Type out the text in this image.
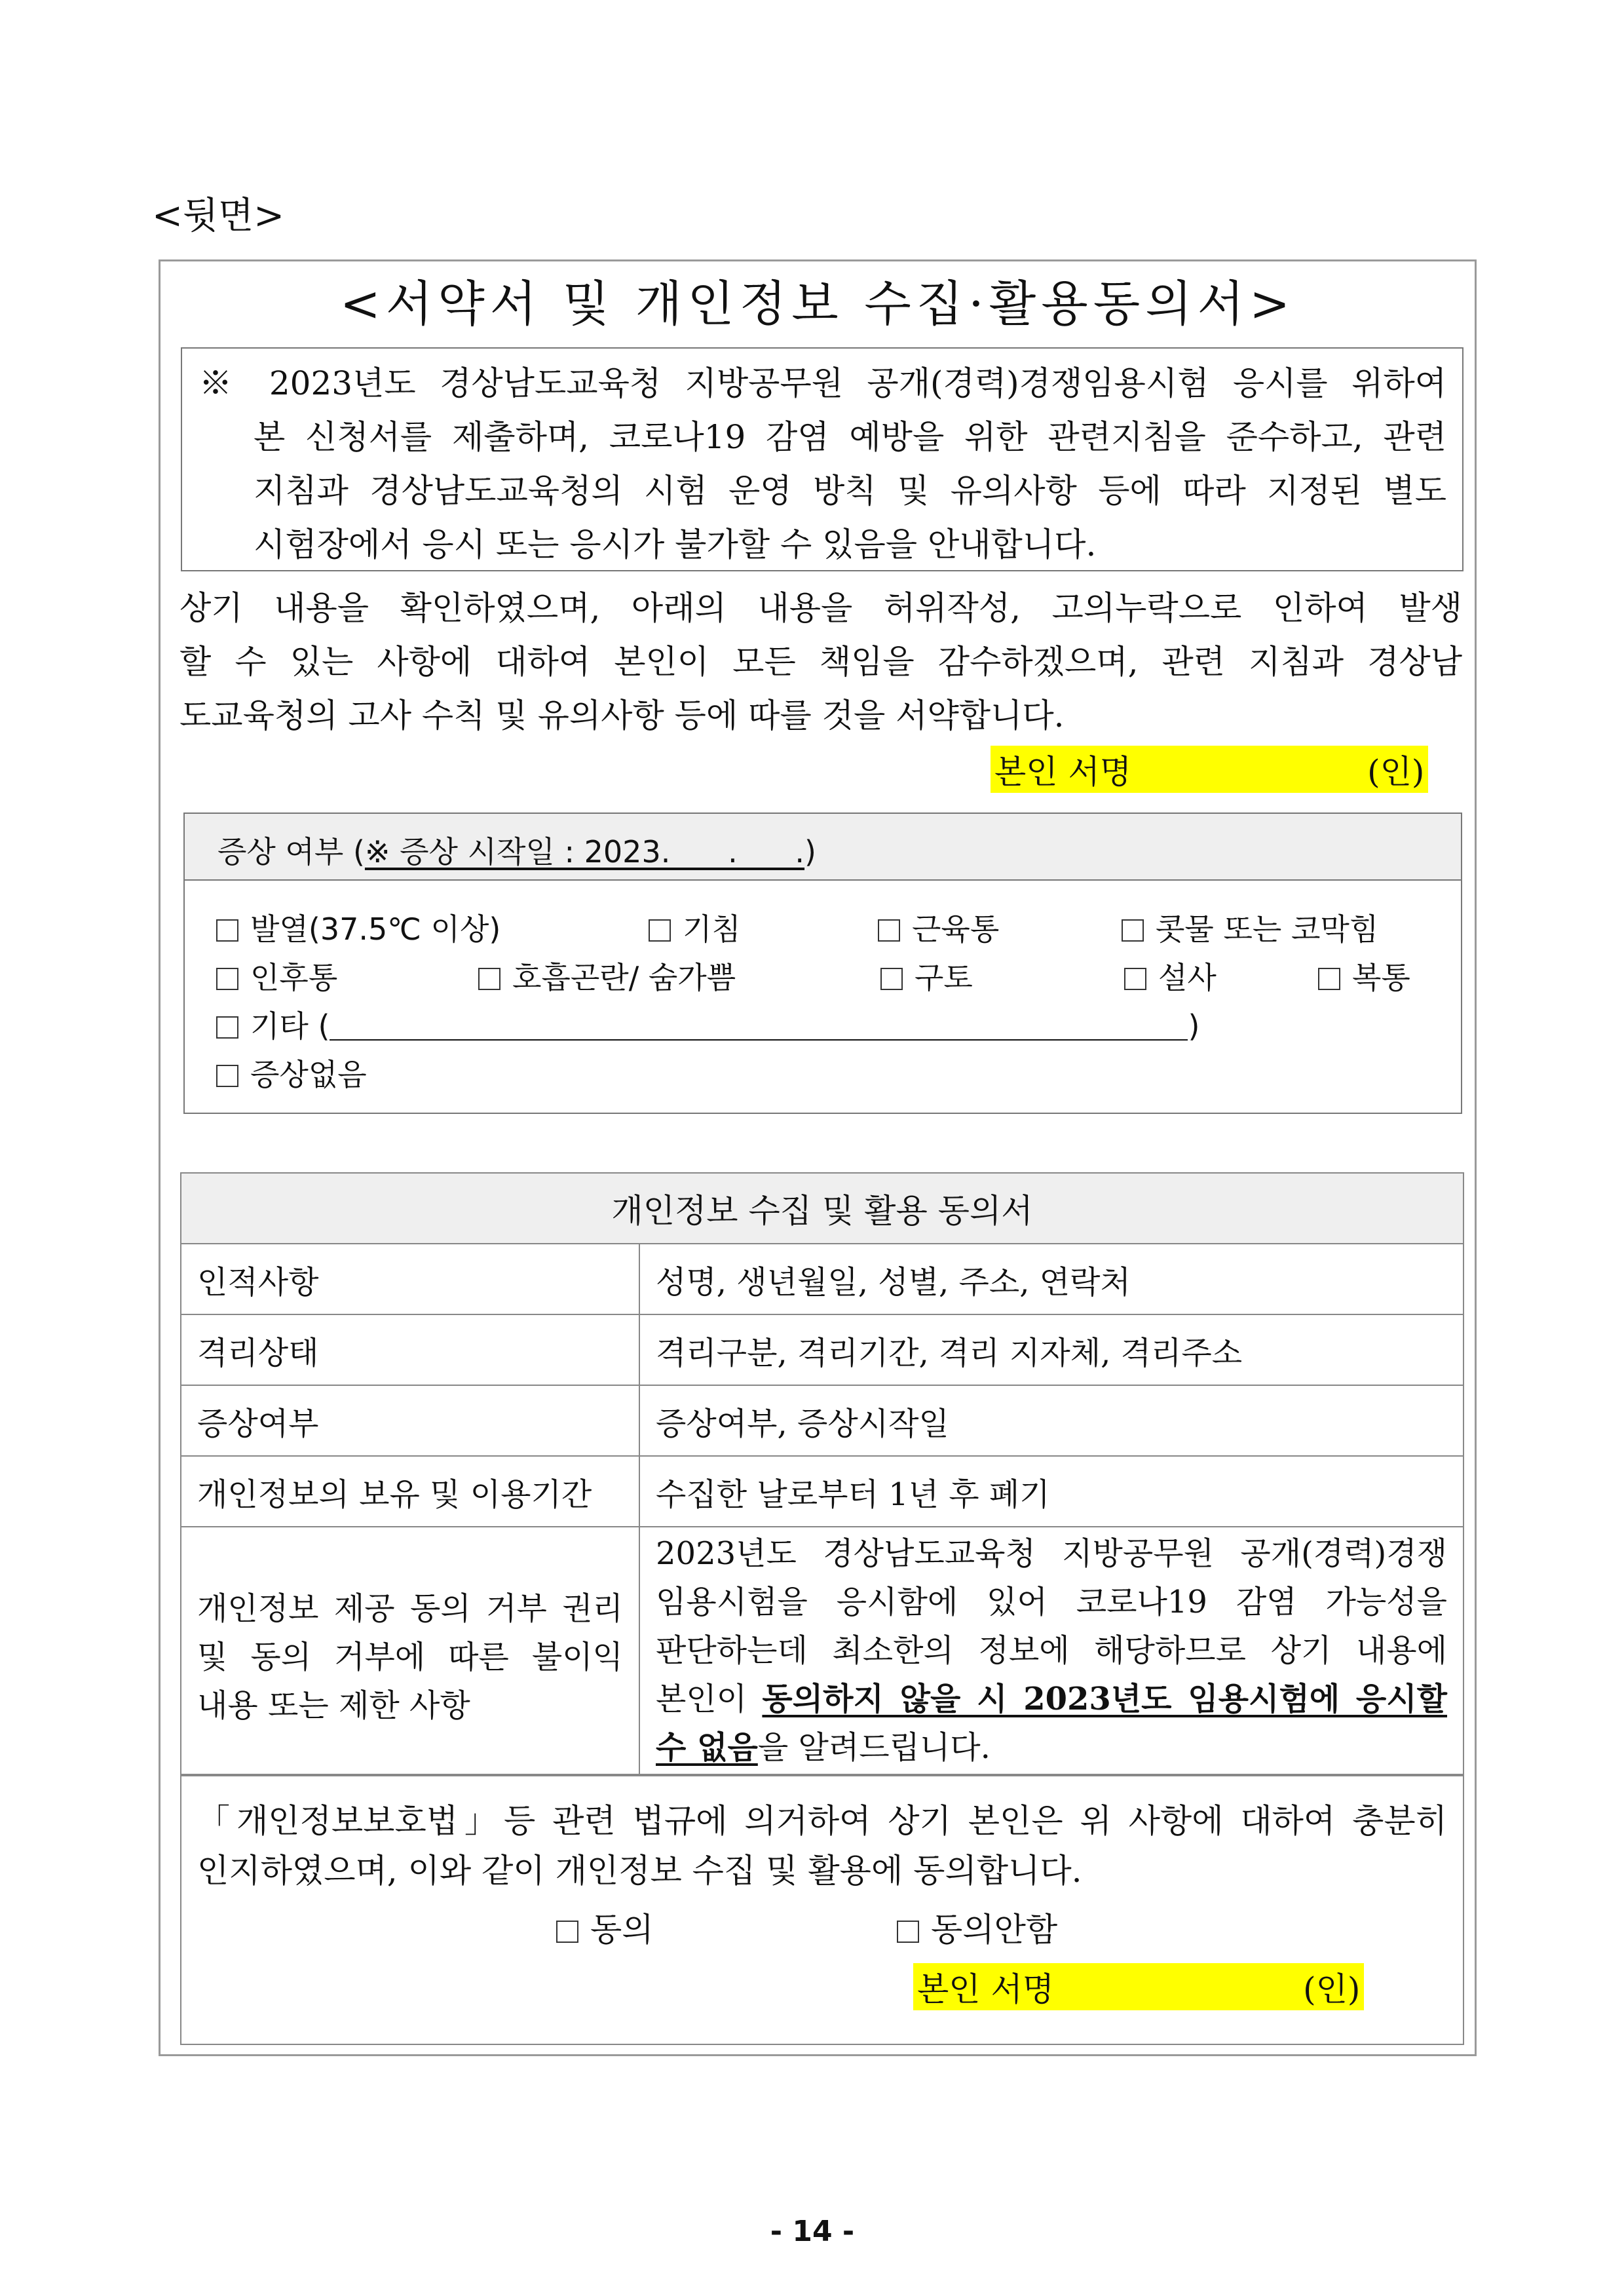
<뒷면>
<서약서 및 개인정보 수집·활용동의서>
※ 2023년도 경상남도교육청 지방공무원 공개(경력)경쟁임용시험 응시를 위하여
본 신청서를 제출하며, 코로나19 감염 예방을 위한 관련지침을 준수하고, 관련
지침과 경상남도교육청의 시험 운영 방칙 및 유의사항 등에 따라 지정된 별도
시험장에서 응시 또는 응시가 불가할 수 있음을 안내합니다.
상기 내용을 확인하였으며, 아래의 내용을 허위작성, 고의누락으로 인하여 발생
할 수 있는 사항에 대하여 본인이 모든 책임을 감수하겠으며, 관련 지침과 경상남
도교육청의 고사 수칙 및 유의사항 등에 따를 것을 서약합니다.
본인 서명	(인)
증상 여부 (※ 증상 시작일 : 2023.      .      .)
발열(37.5℃ 이상)	기침	근육통	콧물 또는 코막힘
인후통	호흡곤란/ 숨가쁨	구토	설사	복통
기타 (	)
증상없음
개인정보 수집 및 활용 동의서	
인적사항	성명, 생년월일, 성별, 주소, 연락처
격리상태	격리구분, 격리기간, 격리 지자체, 격리주소
증상여부	증상여부, 증상시작일
개인정보의 보유 및 이용기간	수집한 날로부터 1년 후 폐기

개인정보 제공 동의 거부 권리
및 동의 거부에 따른 불이익
내용 또는 제한 사항	2023년도 경상남도교육청 지방공무원 공개(경력)경쟁
임용시험을 응시함에 있어 코로나19 감염 가능성을
판단하는데 최소한의 정보에 해당하므로 상기 내용에
본인이 동의하지 않을 시 2023년도 임용시험에 응시할
수 없음을 알려드립니다.
「개인정보보호법」등 관련 법규에 의거하여 상기 본인은 위 사항에 대하여 충분히
인지하였으며, 이와 같이 개인정보 수집 및 활용에 동의합니다.
동의	동의안함
본인 서명	(인)
- 14 -
